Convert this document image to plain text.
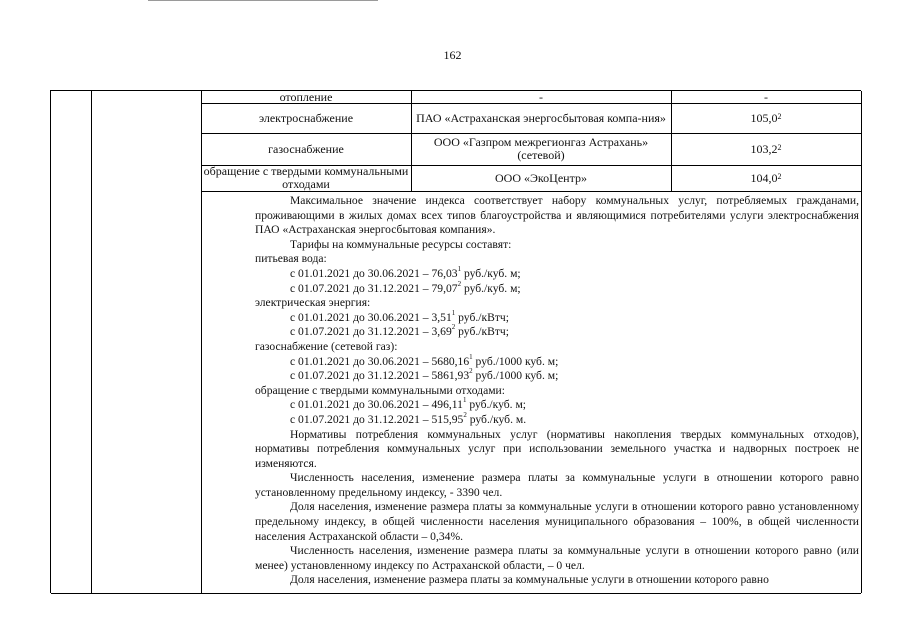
162
отопление	-	-
электроснабжение	ПАО «Астраханская энергосбытовая компа-ния»	105,0$^2$
газоснабжение	ООО «Газпром межрегионгаз Астрахань» (сетевой)	103,2$^2$
обращение с твердыми коммунальными отходами	ООО «ЭкоЦентр»	104,0$^2$

Максимальное значение индекса соответствует набору коммунальных услуг, потребляемых гражданами, проживающими в жилых домах всех типов благоустройства и являющимися потребителями услуги электроснабжения ПАО «Астраханская энергосбытовая компания».

Тарифы на коммунальные ресурсы составят:

питьевая вода:

с 01.01.2021 до 30.06.2021 – 76,03$^1$ руб./куб. м;

с 01.07.2021 до 31.12.2021 – 79,07$^2$ руб./куб. м;

электрическая энергия:

с 01.01.2021 до 30.06.2021 – 3,51$^1$ руб./кВтч;

с 01.07.2021 до 31.12.2021 – 3,69$^2$ руб./кВтч;

газоснабжение (сетевой газ):

с 01.01.2021 до 30.06.2021 – 5680,16$^1$ руб./1000 куб. м;

с 01.07.2021 до 31.12.2021 – 5861,93$^2$ руб./1000 куб. м;

обращение с твердыми коммунальными отходами:

с 01.01.2021 до 30.06.2021 – 496,11$^1$ руб./куб. м;

с 01.07.2021 до 31.12.2021 – 515,95$^2$ руб./куб. м.

Нормативы потребления коммунальных услуг (нормативы накопления твердых коммунальных отходов), нормативы потребления коммунальных услуг при использовании земельного участка и надворных построек не изменяются.

Численность населения, изменение размера платы за коммунальные услуги в отношении которого равно установленному предельному индексу, - 3390 чел.

Доля населения, изменение размера платы за коммунальные услуги в отношении которого равно установленному предельному индексу, в общей численности населения муниципального образования – 100%, в общей численности населения Астраханской области – 0,34%.

Численность населения, изменение размера платы за коммунальные услуги в отношении которого равно (или менее) установленному индексу по Астраханской области, – 0 чел.

Доля населения, изменение размера платы за коммунальные услуги в отношении которого равно
